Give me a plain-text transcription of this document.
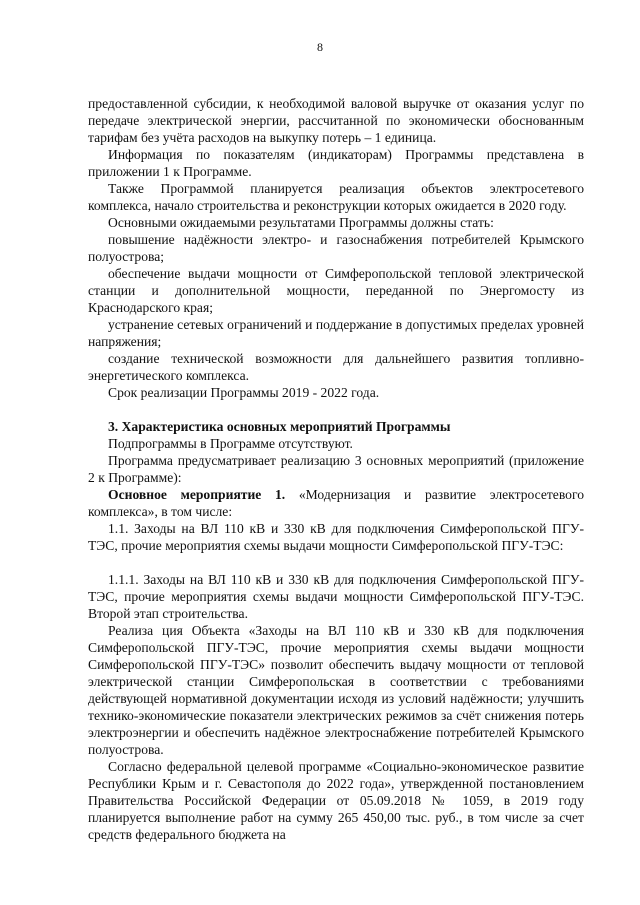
8

предоставленной субсидии, к необходимой валовой выручке от оказания услуг по передаче электрической энергии, рассчитанной по экономически обоснованным тарифам без учёта расходов на выкупку потерь – 1 единица.

Информация по показателям (индикаторам) Программы представлена в приложении 1 к Программе.

Также Программой планируется реализация объектов электросетевого комплекса, начало строительства и реконструкции которых ожидается в 2020 году.

Основными ожидаемыми результатами Программы должны стать:

повышение надёжности электро- и газоснабжения потребителей Крымского полуострова;

обеспечение выдачи мощности от Симферопольской тепловой электрической станции и дополнительной мощности, переданной по Энергомосту из Краснодарского края;

устранение сетевых ограничений и поддержание в допустимых пределах уровней напряжения;

создание технической возможности для дальнейшего развития топливно-энергетического комплекса.

Срок реализации Программы 2019 - 2022 года.

3. Характеристика основных мероприятий Программы

Подпрограммы в Программе отсутствуют.

Программа предусматривает реализацию 3 основных мероприятий (приложение 2 к Программе):

Основное мероприятие 1. «Модернизация и развитие электросетевого комплекса», в том числе:

1.1. Заходы на ВЛ 110 кВ и 330 кВ для подключения Симферопольской ПГУ-ТЭС, прочие мероприятия схемы выдачи мощности Симферопольской ПГУ-ТЭС:

1.1.1. Заходы на ВЛ 110 кВ и 330 кВ для подключения Симферопольской ПГУ-ТЭС, прочие мероприятия схемы выдачи мощности Симферопольской ПГУ-ТЭС. Второй этап строительства.

Реализа ция Объекта «Заходы на ВЛ 110 кВ и 330 кВ для подключения Симферопольской ПГУ-ТЭС, прочие мероприятия схемы выдачи мощности Симферопольской ПГУ-ТЭС» позволит обеспечить выдачу мощности от тепловой электрической станции Симферопольская в соответствии с требованиями действующей нормативной документации исходя из условий надёжности; улучшить технико-экономические показатели электрических режимов за счёт снижения потерь электроэнергии и обеспечить надёжное электроснабжение потребителей Крымского полуострова.

Согласно федеральной целевой программе «Социально-экономическое развитие Республики Крым и г. Севастополя до 2022 года», утвержденной постановлением Правительства Российской Федерации от 05.09.2018 № 1059, в 2019 году планируется выполнение работ на сумму 265 450,00 тыс. руб., в том числе за счет средств федерального бюджета на
